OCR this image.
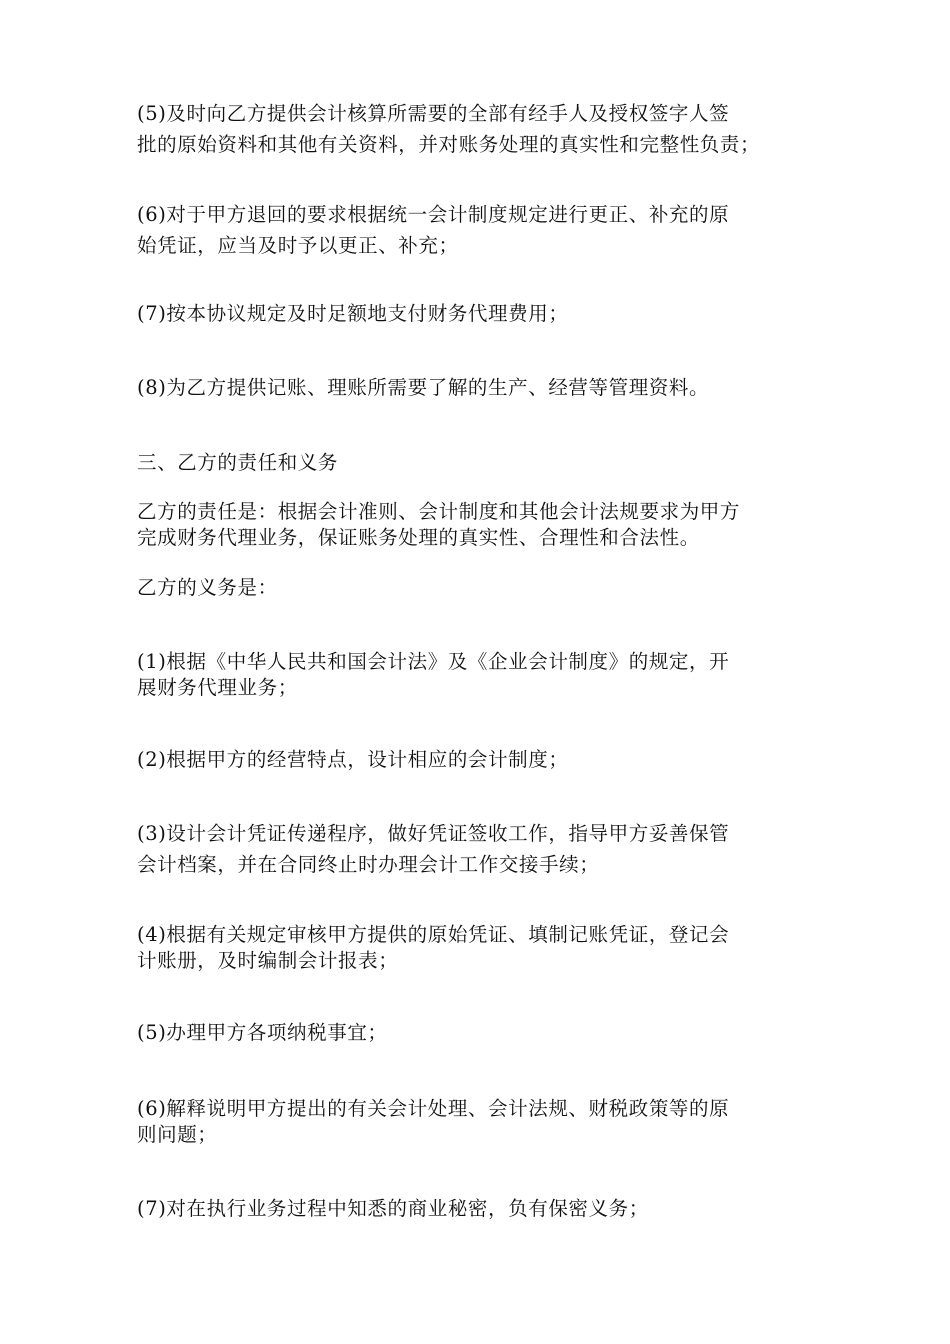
(5)及时向乙方提供会计核算所需要的全部有经手人及授权签字人签
批的原始资料和其他有关资料，并对账务处理的真实性和完整性负责；
(6)对于甲方退回的要求根据统一会计制度规定进行更正、补充的原
始凭证，应当及时予以更正、补充；
(7)按本协议规定及时足额地支付财务代理费用；
(8)为乙方提供记账、理账所需要了解的生产、经营等管理资料。
三、乙方的责任和义务
乙方的责任是：根据会计准则、会计制度和其他会计法规要求为甲方
完成财务代理业务，保证账务处理的真实性、合理性和合法性。
乙方的义务是：
(1)根据《中华人民共和国会计法》及《企业会计制度》的规定，开
展财务代理业务；
(2)根据甲方的经营特点，设计相应的会计制度；
(3)设计会计凭证传递程序，做好凭证签收工作，指导甲方妥善保管
会计档案，并在合同终止时办理会计工作交接手续；
(4)根据有关规定审核甲方提供的原始凭证、填制记账凭证，登记会
计账册，及时编制会计报表；
(5)办理甲方各项纳税事宜；
(6)解释说明甲方提出的有关会计处理、会计法规、财税政策等的原
则问题；
(7)对在执行业务过程中知悉的商业秘密，负有保密义务；
